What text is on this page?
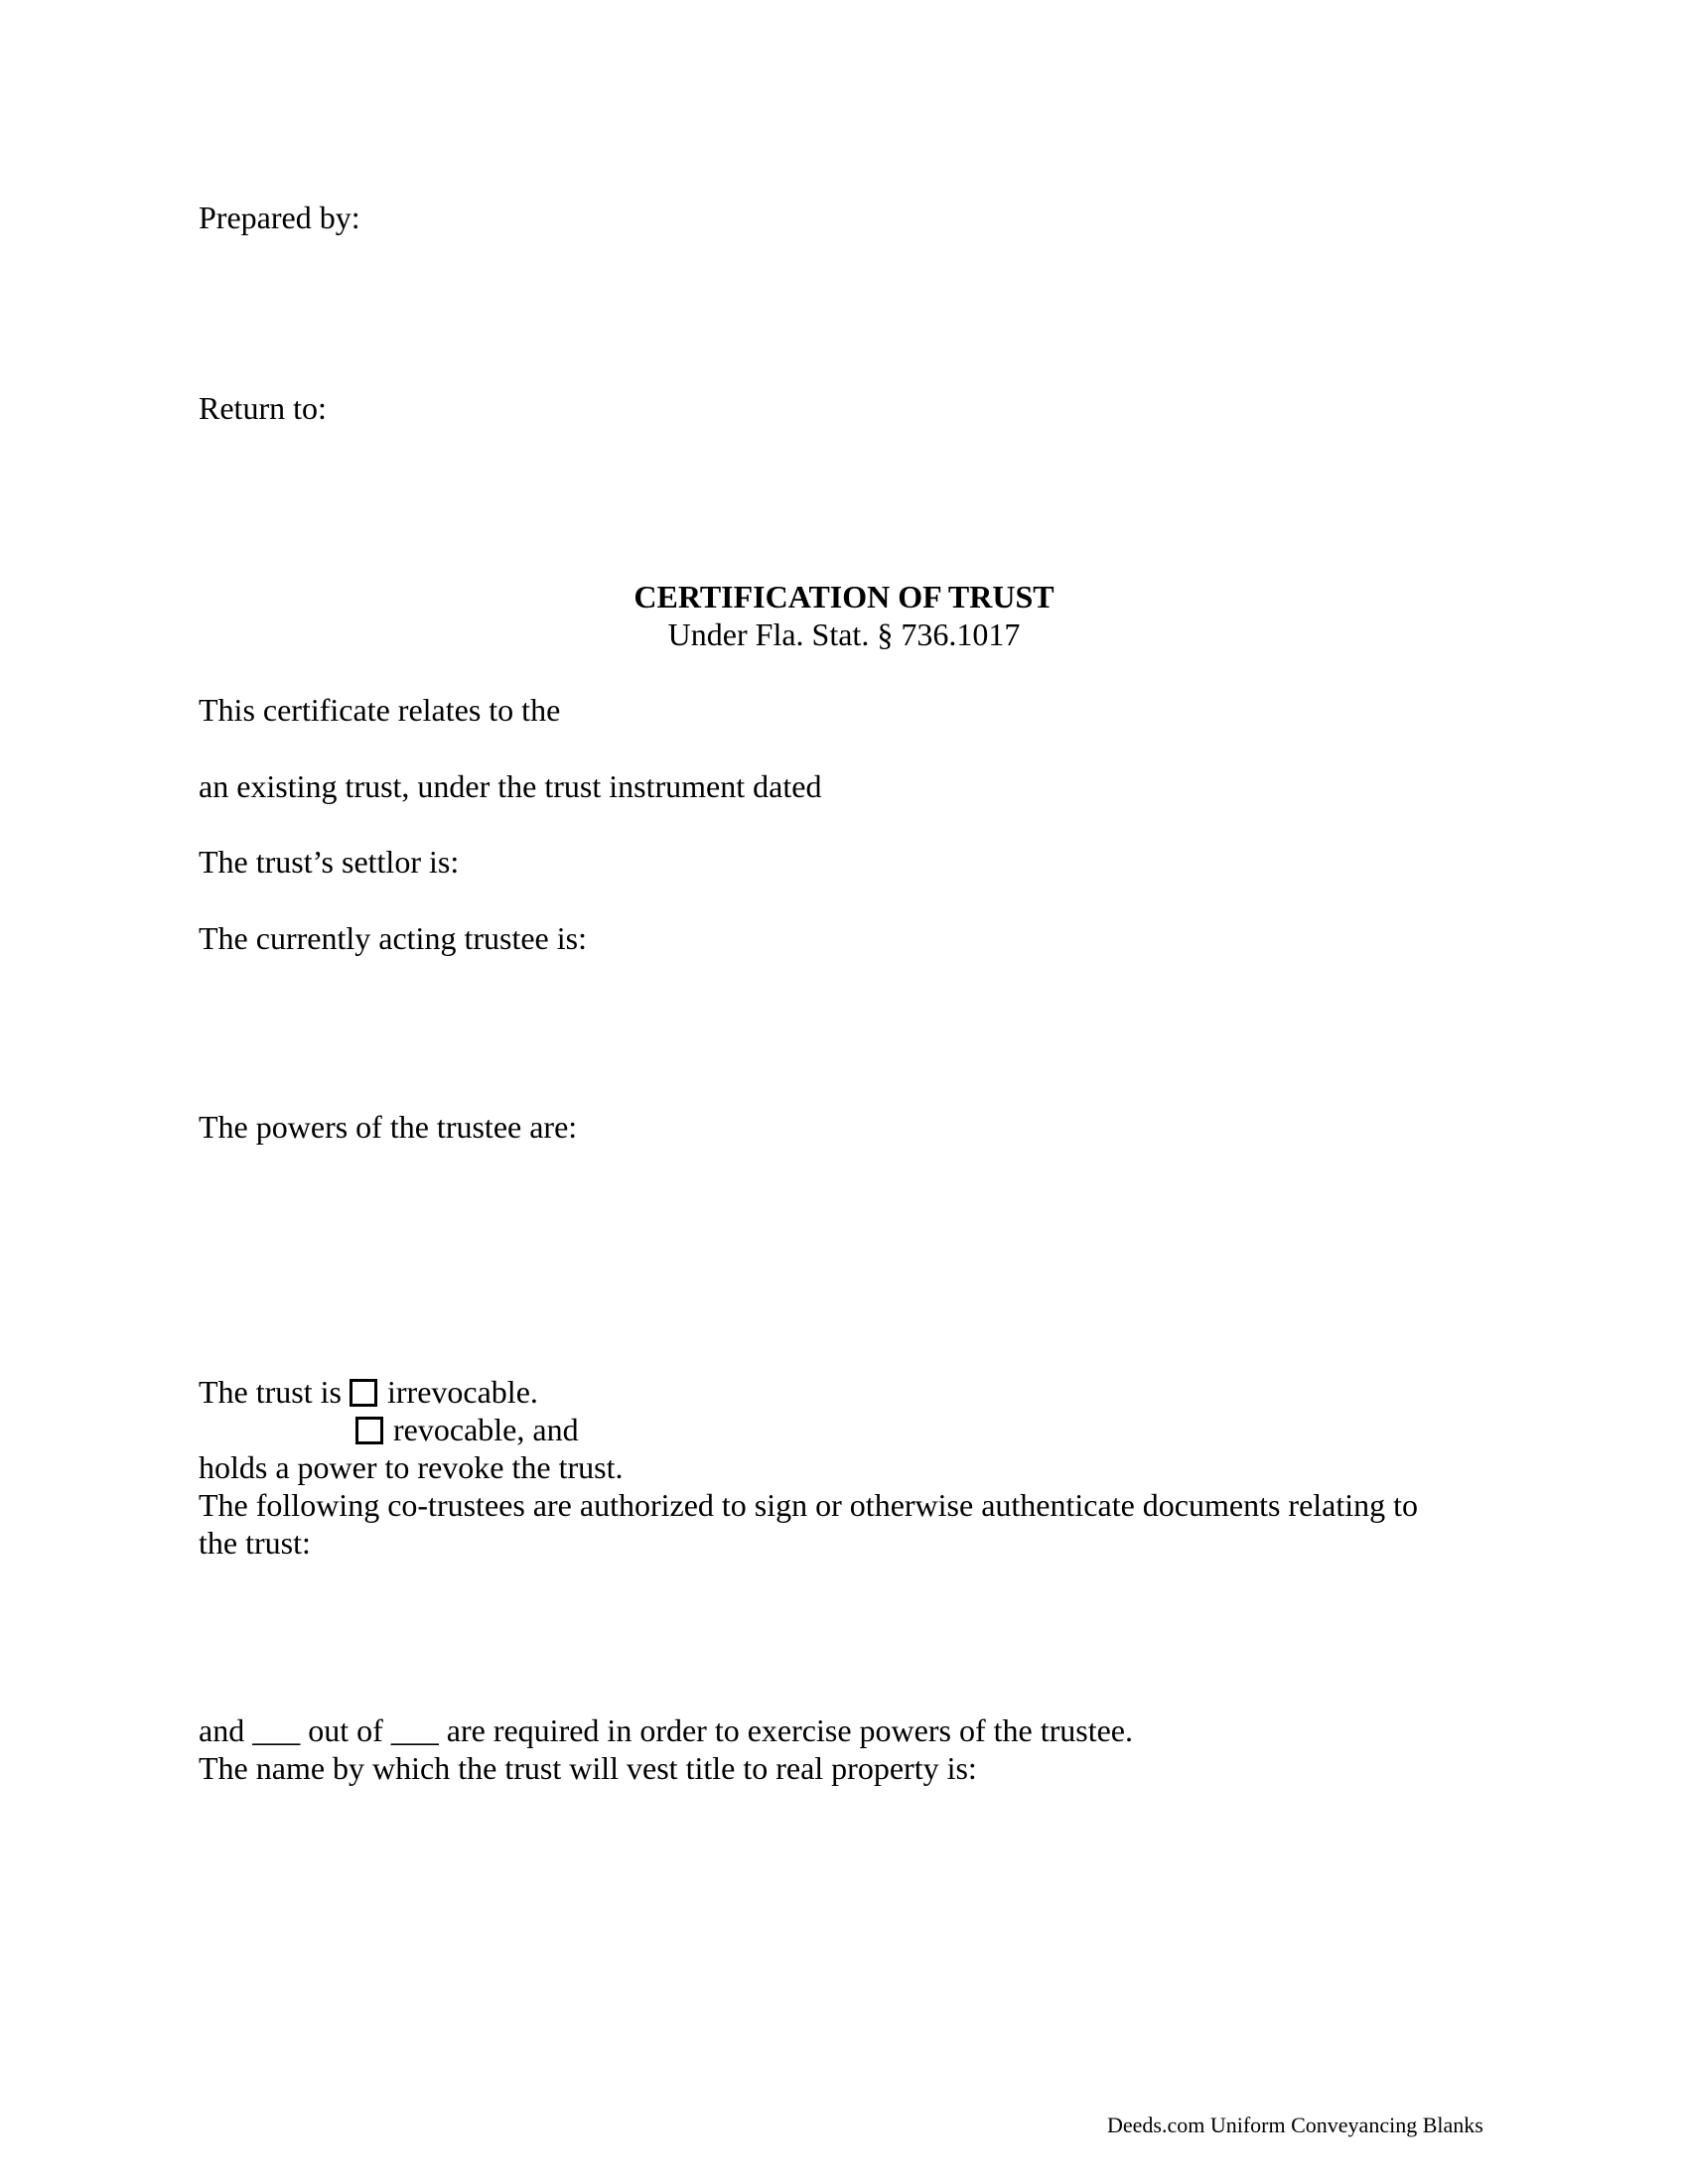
Prepared by:
Return to:
CERTIFICATION OF TRUST
Under Fla. Stat. § 736.1017
This certificate relates to the
an existing trust, under the trust instrument dated
The trust’s settlor is:
The currently acting trustee is:
The powers of the trustee are:
The trust is irrevocable.
revocable, and
holds a power to revoke the trust.
The following co-trustees are authorized to sign or otherwise authenticate documents relating to
the trust:
and ___ out of ___ are required in order to exercise powers of the trustee.
The name by which the trust will vest title to real property is:
Deeds.com Uniform Conveyancing Blanks
